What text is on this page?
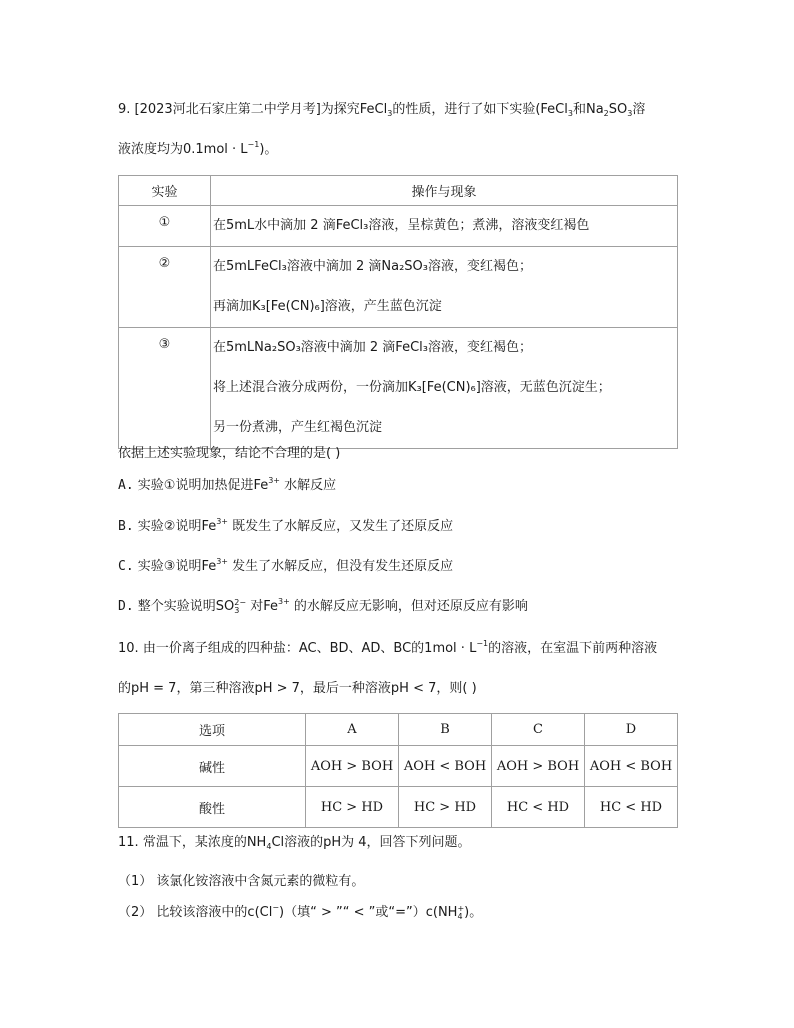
9. [2023河北石家庄第二中学月考]为探究FeCl$_3$的性质，进行了如下实验(FeCl$_3$和$Na_2SO_3$溶
液浓度均为$0.1mol \cdot L^{-1}$)。
实验	操作与现象
①	在5mL水中滴加 2 滴FeCl₃溶液，呈棕黄色；煮沸，溶液变红褐色

②	在5mLFeCl₃溶液中滴加 2 滴Na₂SO₃溶液，变红褐色；
再滴加K₃[Fe(CN)₆]溶液，产生蓝色沉淀

③	在5mLNa₂SO₃溶液中滴加 2 滴FeCl₃溶液，变红褐色；
将上述混合液分成两份，一份滴加K₃[Fe(CN)₆]溶液，无蓝色沉淀生；
另一份煮沸，产生红褐色沉淀
依据上述实验现象，结论不合理的是( )
A. 实验①说明加热促进$Fe^{3+}$ 水解反应
B. 实验②说明$Fe^{3+}$ 既发生了水解反应，又发生了还原反应
C. 实验③说明$Fe^{3+}$ 发生了水解反应，但没有发生还原反应
D. 整个实验说明SO 2−
3 对$Fe^{3+}$ 的水解反应无影响，但对还原反应有影响
10. 由一价离子组成的四种盐：AC、BD、AD、BC的$1mol \cdot L^{-1}$的溶液，在室温下前两种溶液
的pH = 7，第三种溶液pH > 7，最后一种溶液pH < 7，则( )
选项	A	B	C	D
碱性	AOH > BOH	AOH < BOH	AOH > BOH	AOH < BOH
酸性	HC > HD	HC > HD	HC < HD	HC < HD
11. 常温下，某浓度的$NH_4Cl$溶液的pH为 4，回答下列问题。
（1） 该氯化铵溶液中含氮元素的微粒有。
（2） 比较该溶液中的c(Cl−)（填“ > ”“ < ”或“=”）c(NH +
4 )。
